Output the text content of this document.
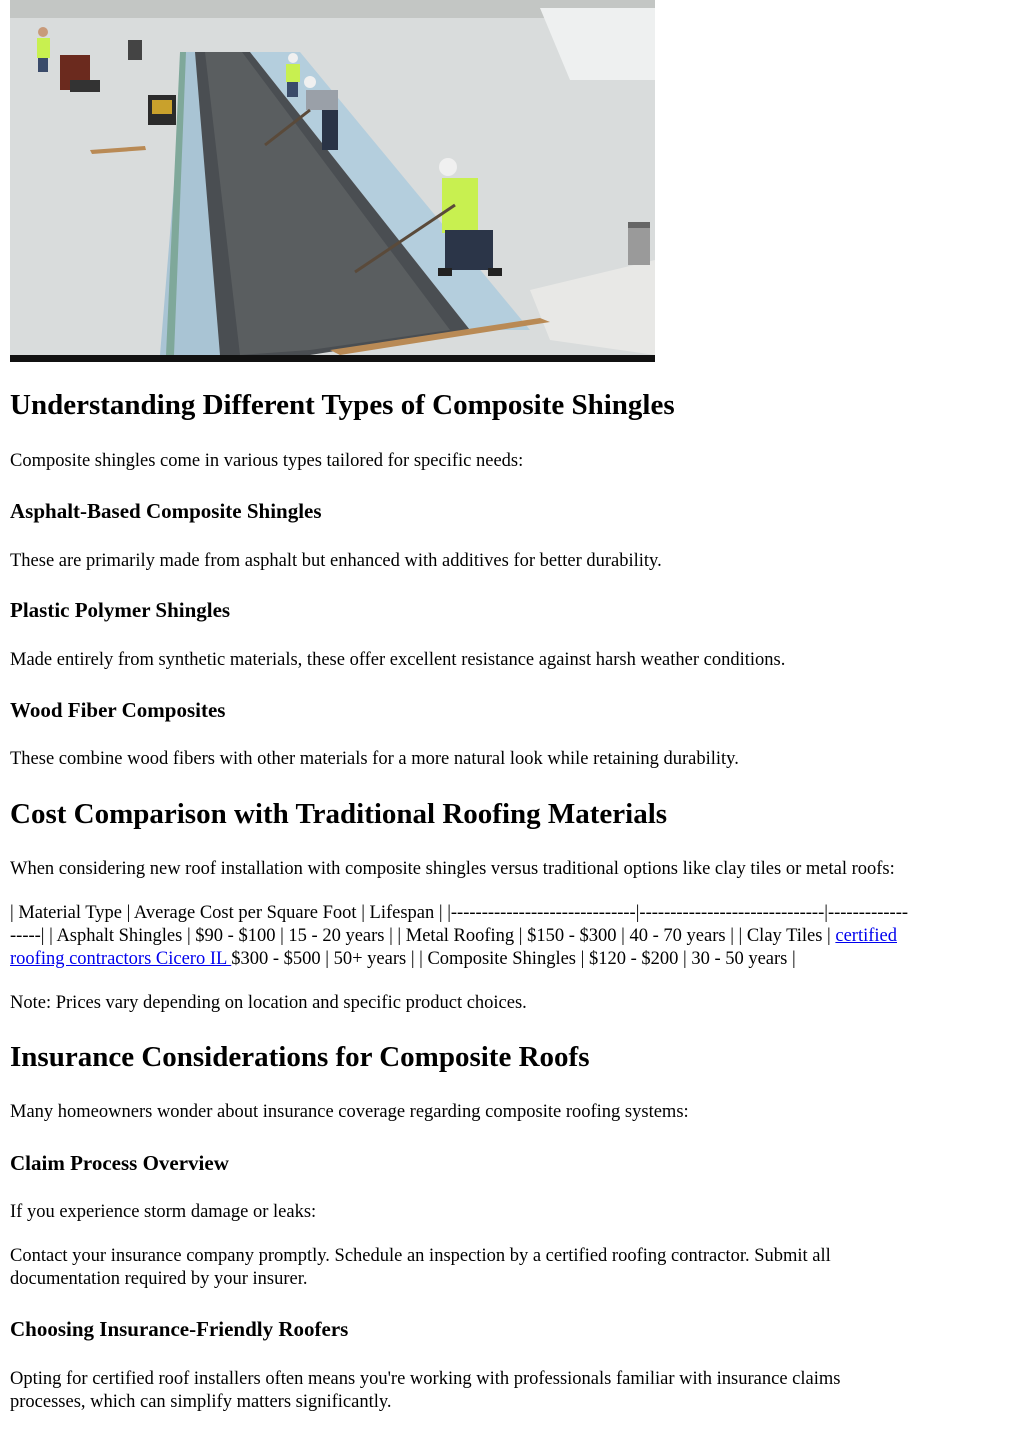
Understanding Different Types of Composite Shingles

Composite shingles come in various types tailored for specific needs:

Asphalt-Based Composite Shingles

These are primarily made from asphalt but enhanced with additives for better durability.

Plastic Polymer Shingles

Made entirely from synthetic materials, these offer excellent resistance against harsh weather conditions.

Wood Fiber Composites

These combine wood fibers with other materials for a more natural look while retaining durability.

Cost Comparison with Traditional Roofing Materials

When considering new roof installation with composite shingles versus traditional options like clay tiles or metal roofs:

| Material Type | Average Cost per Square Foot | Lifespan | |------------------------------|------------------------------|-------------

-----| | Asphalt Shingles | $90 - $100 | 15 - 20 years | | Metal Roofing | $150 - $300 | 40 - 70 years | | Clay Tiles | certified

roofing contractors Cicero IL $300 - $500 | 50+ years | | Composite Shingles | $120 - $200 | 30 - 50 years |

Note: Prices vary depending on location and specific product choices.

Insurance Considerations for Composite Roofs

Many homeowners wonder about insurance coverage regarding composite roofing systems:

Claim Process Overview

If you experience storm damage or leaks:

Contact your insurance company promptly. Schedule an inspection by a certified roofing contractor. Submit all

documentation required by your insurer.

Choosing Insurance-Friendly Roofers

Opting for certified roof installers often means you're working with professionals familiar with insurance claims

processes, which can simplify matters significantly.
